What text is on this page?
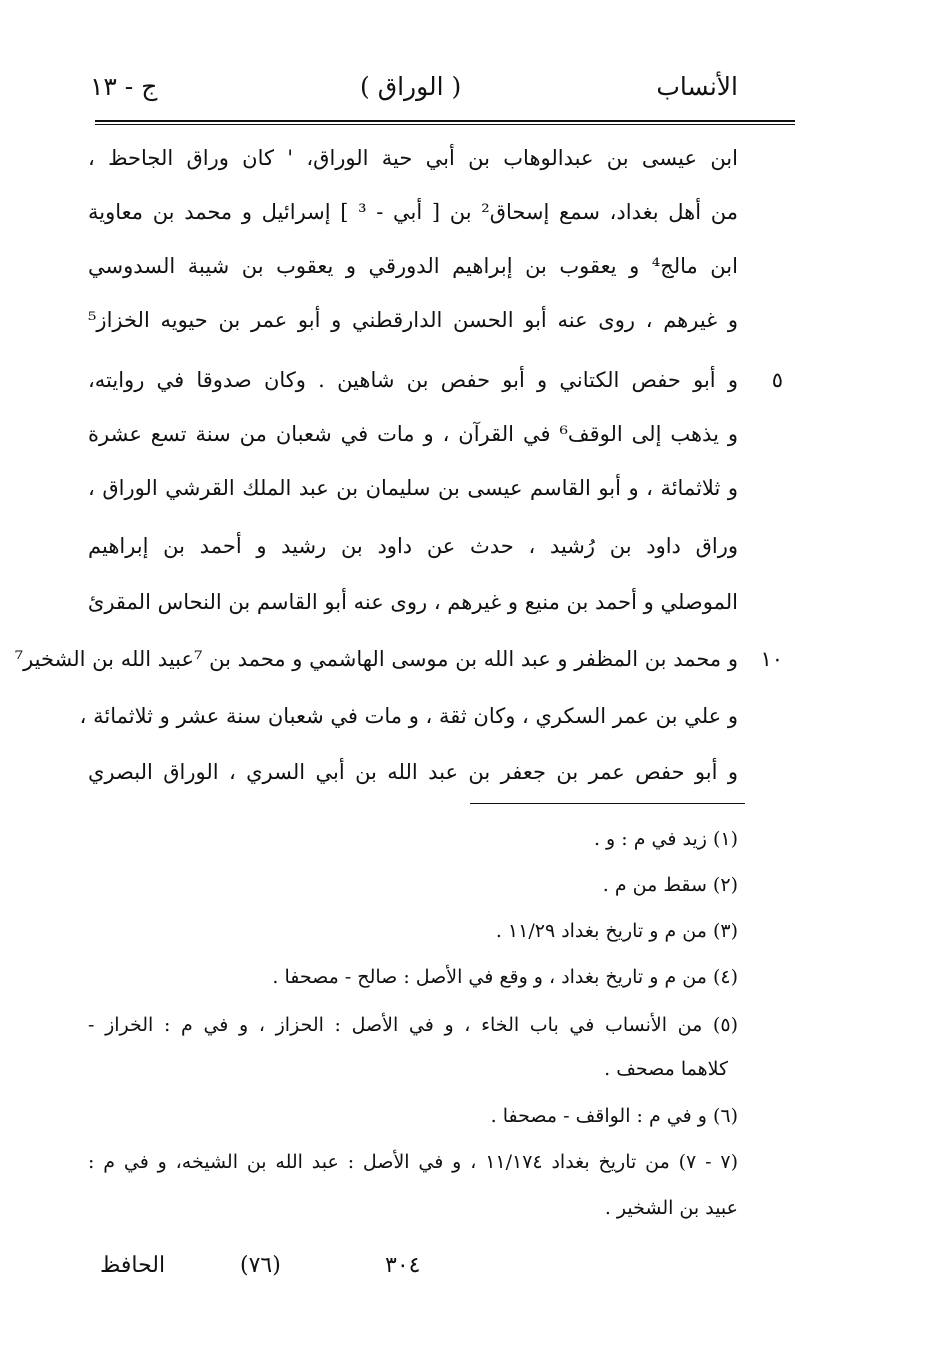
الأنساب
( الوراق )
ج - ١٣
ابن عيسى بن عبدالوهاب بن أبي حية الوراق، ' كان وراق الجاحظ ،
من أهل بغداد، سمع إسحاق² بن [ أبي - ³ ] إسرائيل و محمد بن معاوية
ابن مالج⁴ و يعقوب بن إبراهيم الدورقي و يعقوب بن شيبة السدوسي
و غيرهم ، روى عنه أبو الحسن الدارقطني و أبو عمر بن حيويه الخزاز⁵
٥
و أبو حفص الكتاني و أبو حفص بن شاهين . وكان صدوقا في روايته،
و يذهب إلى الوقف⁶ في القرآن ، و مات في شعبان من سنة تسع عشرة
و ثلاثمائة ، و أبو القاسم عيسى بن سليمان بن عبد الملك القرشي الوراق ،
وراق داود بن رُشيد ، حدث عن داود بن رشيد و أحمد بن إبراهيم
الموصلي و أحمد بن منيع و غيرهم ، روى عنه أبو القاسم بن النحاس المقرئ
١٠
و محمد بن المظفر و عبد الله بن موسى الهاشمي و محمد بن ⁷عبيد الله بن الشخير⁷
و علي بن عمر السكري ، وكان ثقة ، و مات في شعبان سنة عشر و ثلاثمائة ،
و أبو حفص عمر بن جعفر بن عبد الله بن أبي السري ، الوراق البصري
(١) زيد في م : و .
(٢) سقط من م .
(٣) من م و تاريخ بغداد ١١/٢٩ .
(٤) من م و تاريخ بغداد ، و وقع في الأصل : صالح - مصحفا .
(٥) من الأنساب في باب الخاء ، و في الأصل : الحزاز ، و في م : الخراز -
كلاهما مصحف .
(٦) و في م : الواقف - مصحفا .
(٧ - ٧) من تاريخ بغداد ١١/١٧٤ ، و في الأصل : عبد الله بن الشيخه، و في م :
عبيد بن الشخير .
٣٠٤
(٧٦)
الحافظ
